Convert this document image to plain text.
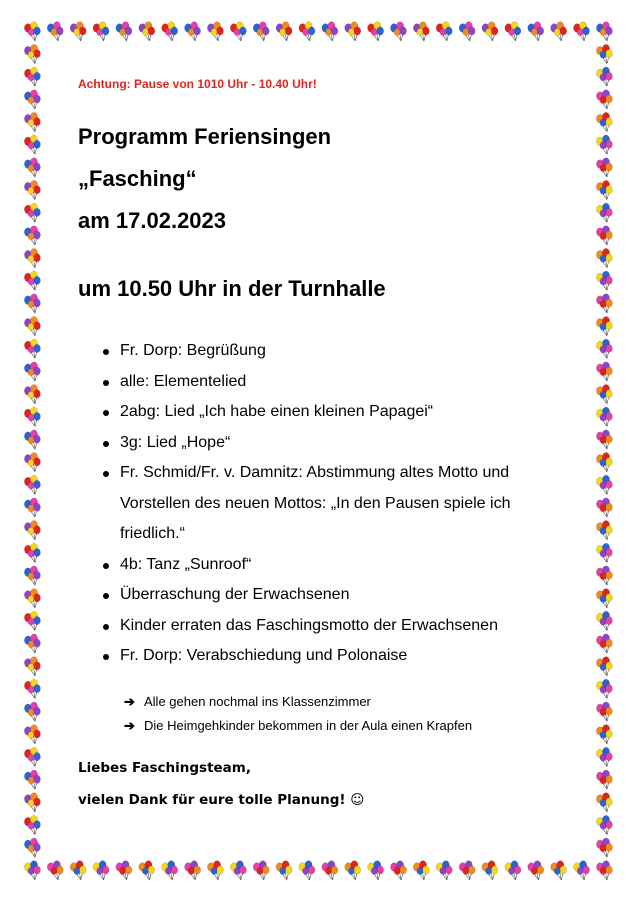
Achtung: Pause von 1010 Uhr - 10.40 Uhr!
Programm Feriensingen
„Fasching“
am 17.02.2023
um 10.50 Uhr in der Turnhalle
Fr. Dorp: Begrüßung
alle: Elementelied
2abg: Lied „Ich habe einen kleinen Papagei“
3g: Lied „Hope“
Fr. Schmid/Fr. v. Damnitz: Abstimmung altes Motto und Vorstellen des neuen Mottos: „In den Pausen spiele ich friedlich.“
4b: Tanz „Sunroof“
Überraschung der Erwachsenen
Kinder erraten das Faschingsmotto der Erwachsenen
Fr. Dorp: Verabschiedung und Polonaise
➔ Alle gehen nochmal ins Klassenzimmer
➔ Die Heimgehkinder bekommen in der Aula einen Krapfen
Liebes Faschingsteam,
vielen Dank für eure tolle Planung! ☺
